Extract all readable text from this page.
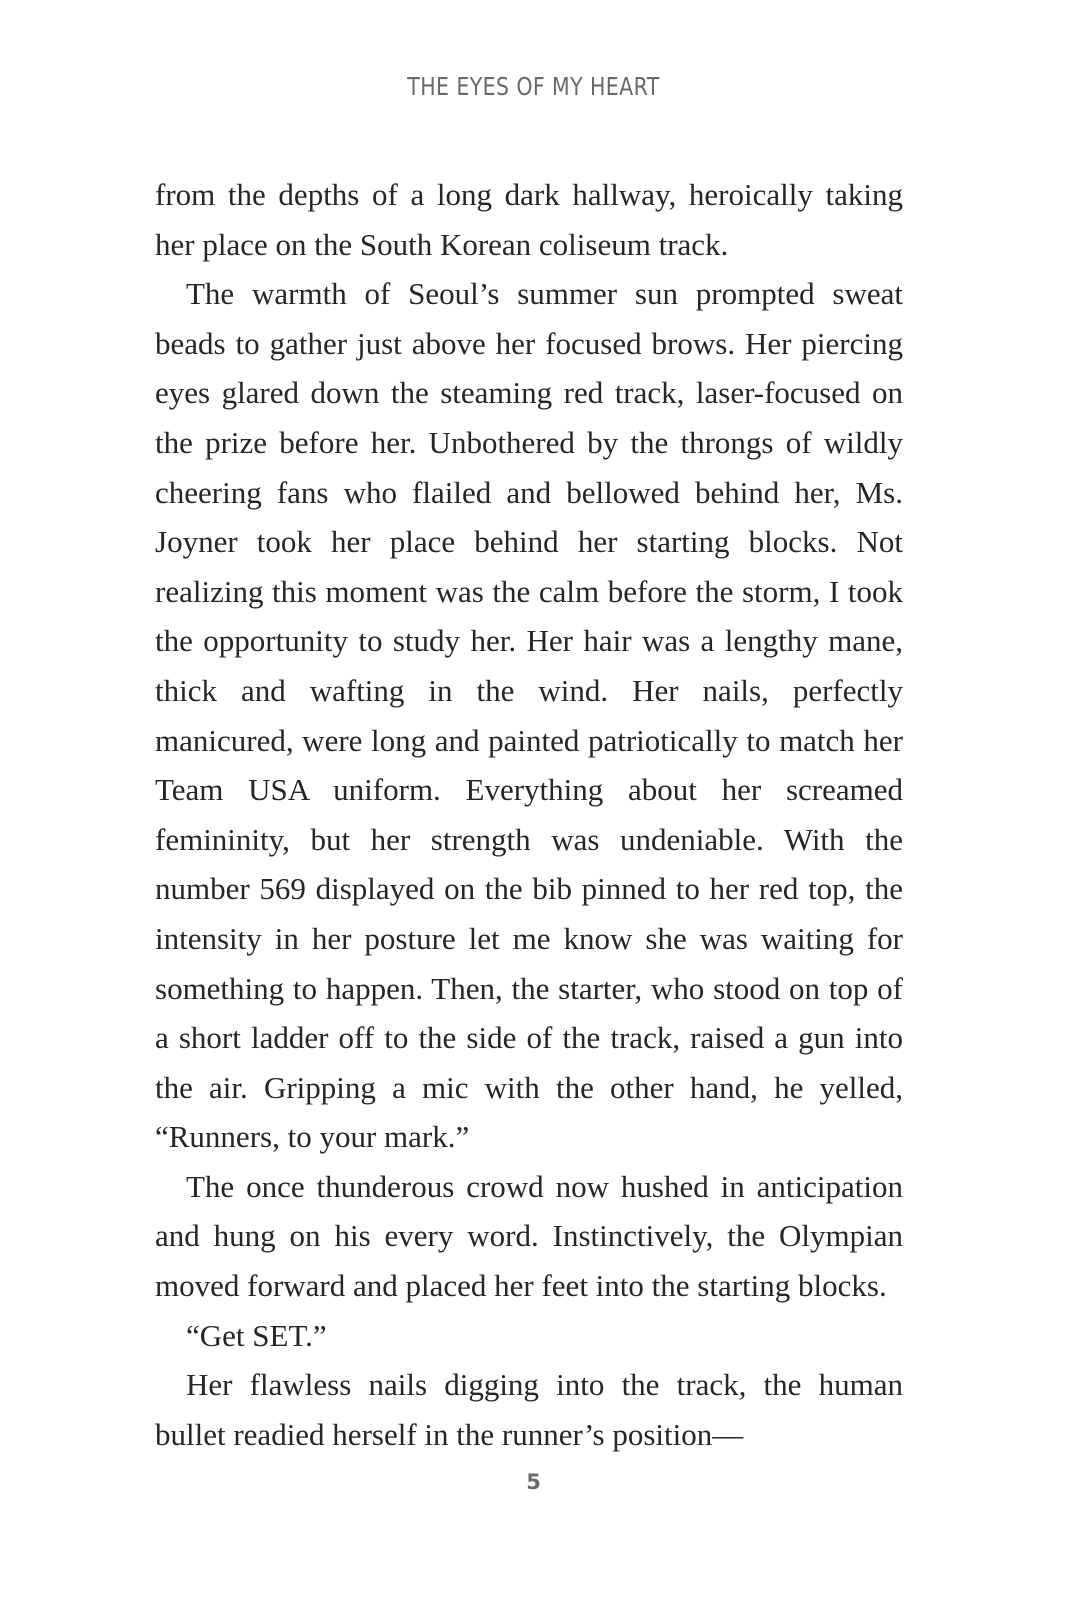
THE EYES OF MY HEART

from the depths of a long dark hallway, heroically taking her place on the South Korean coliseum track.

The warmth of Seoul’s summer sun prompted sweat beads to gather just above her focused brows. Her piercing eyes glared down the steaming red track, laser-focused on the prize before her. Unbothered by the throngs of wildly cheering fans who flailed and bellowed behind her, Ms. Joyner took her place behind her starting blocks. Not realizing this moment was the calm before the storm, I took the opportunity to study her. Her hair was a lengthy mane, thick and wafting in the wind. Her nails, perfectly manicured, were long and painted patriotically to match her Team USA uniform. Everything about her screamed femininity, but her strength was undeniable. With the number 569 displayed on the bib pinned to her red top, the intensity in her posture let me know she was waiting for something to happen. Then, the starter, who stood on top of a short ladder off to the side of the track, raised a gun into the air. Gripping a mic with the other hand, he yelled, “Runners, to your mark.”

The once thunderous crowd now hushed in anticipation and hung on his every word. Instinctively, the Olympian moved forward and placed her feet into the starting blocks.

“Get SET.”

Her flawless nails digging into the track, the human bullet readied herself in the runner’s position—

5
